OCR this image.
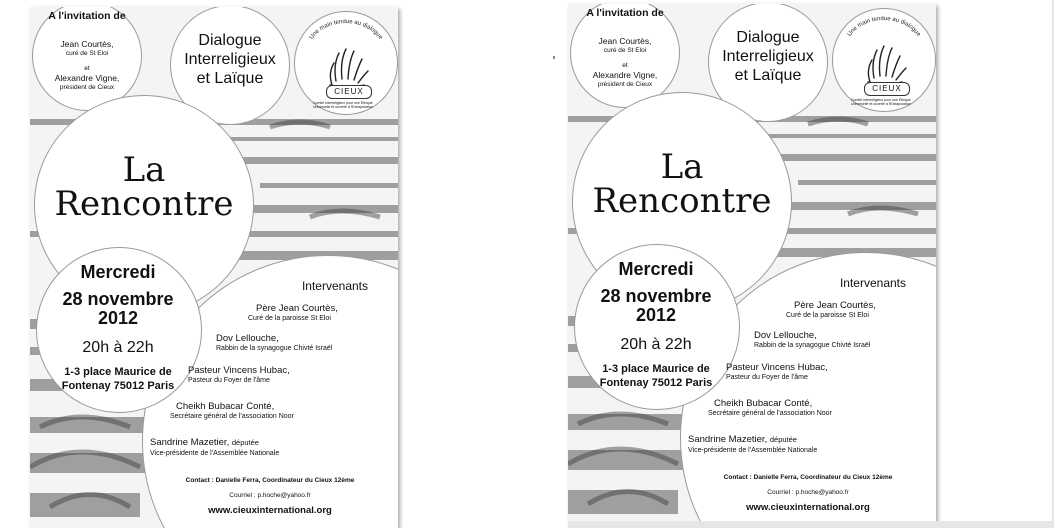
A l'invitation de
Jean Courtès,
curé de St Eloi
et
Alexandre Vigne,
président de Cieux
Dialogue Interreligieux et Laïque
Une main tendue au dialogue
CIEUX
Comité Interreligieux pour une Éthique Universelle et ouverte à l'Extrapolation
La
Rencontre
Mercredi
28 novembre
2012
20h à 22h
1-3 place Maurice de Fontenay 75012 Paris
Intervenants
Père Jean Courtès,
Curé de la paroisse St Eloi
Dov Lellouche,
Rabbin de la synagogue Chivté Israël
Pasteur Vincens Hubac,
Pasteur du Foyer de l'âme
Cheikh Bubacar Conté,
Secrétaire général de l'association Noor
Sandrine Mazetier, députée
Vice-présidente de l'Assemblée Nationale
Contact : Danielle Ferra, Coordinateur du Cieux 12ème
Courriel : p.hoche@yahoo.fr
www.cieuxinternational.org
A l'invitation de
Jean Courtès,
curé de St Eloi
et
Alexandre Vigne,
président de Cieux
Dialogue Interreligieux et Laïque
Une main tendue au dialogue
CIEUX
Comité Interreligieux pour une Éthique Universelle et ouverte à l'Extrapolation
La
Rencontre
Mercredi
28 novembre
2012
20h à 22h
1-3 place Maurice de Fontenay 75012 Paris
Intervenants
Père Jean Courtès,
Curé de la paroisse St Eloi
Dov Lellouche,
Rabbin de la synagogue Chivté Israël
Pasteur Vincens Hubac,
Pasteur du Foyer de l'âme
Cheikh Bubacar Conté,
Secrétaire général de l'association Noor
Sandrine Mazetier, députée
Vice-présidente de l'Assemblée Nationale
Contact : Danielle Ferra, Coordinateur du Cieux 12ème
Courriel : p.hoche@yahoo.fr
www.cieuxinternational.org
